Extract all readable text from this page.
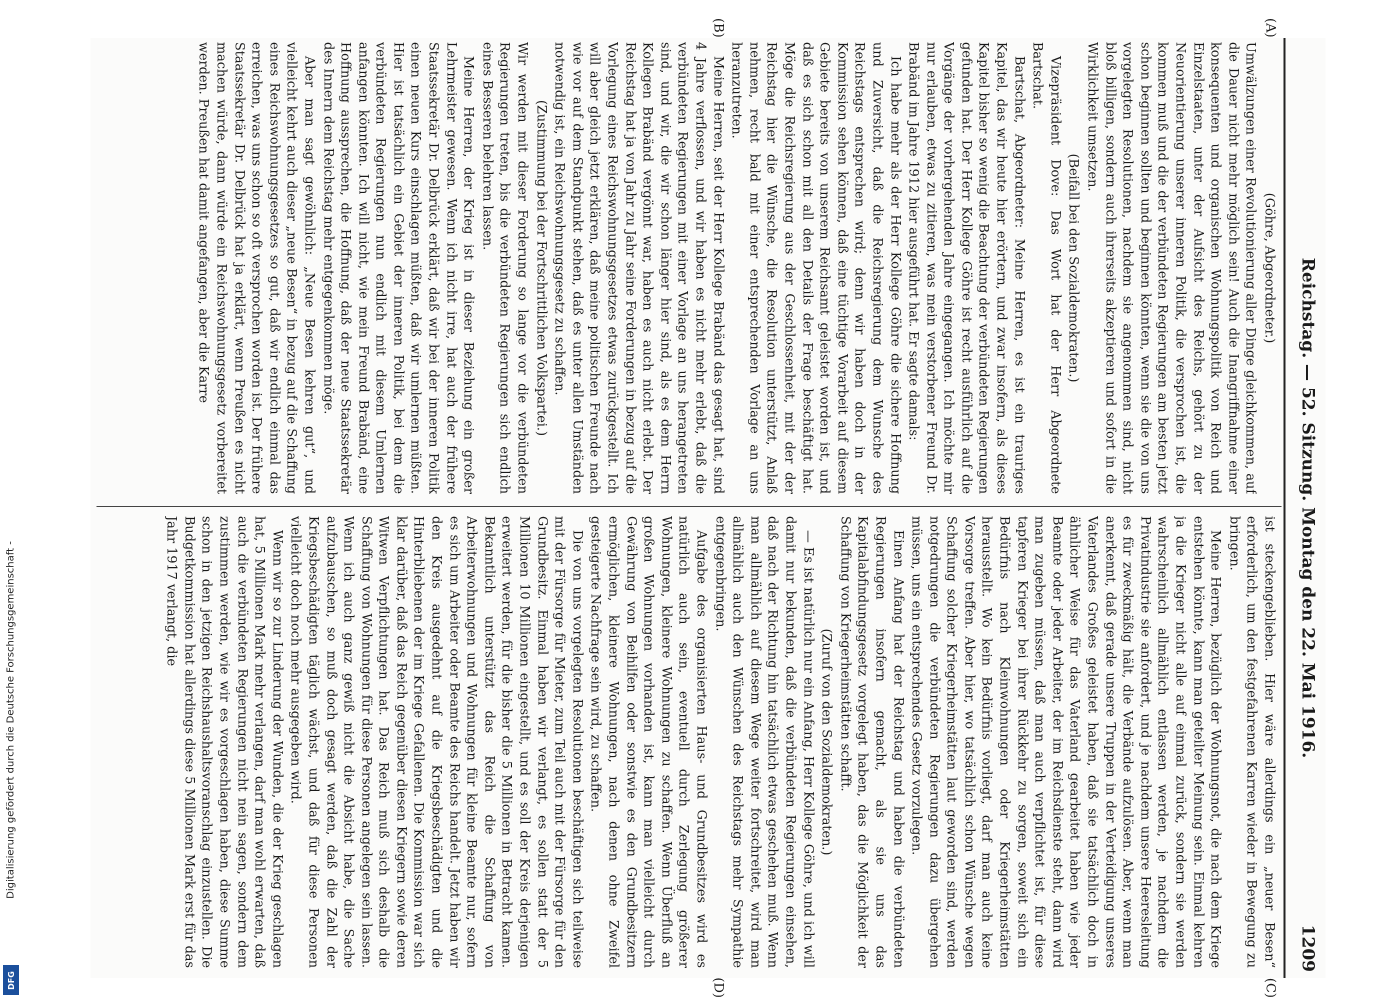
Digitalisierung gefördert durch die Deutsche Forschungsgemeinschaft -
DFG
Reichstag. — 52. Sitzung. Montag den 22. Mai 1916.
1209
(A)
(B)
(C)
(D)

(Göhre, Abgeordneter.)

Umwälzungen einer Revolutionierung aller Dinge gleichkommen, auf die Dauer nicht mehr möglich sein! Auch die Inangriffnahme einer konsequenten und organischen Wohnungspolitik von Reich und Einzelstaaten, unter der Aufsicht des Reichs, gehört zu der Neuorientierung unserer inneren Politik, die versprochen ist, die kommen muß und die der verbündeten Regierungen am besten jetzt schon beginnen sollten und beginnen könnten, wenn sie die von uns vorgelegten Resolutionen, nachdem sie angenommen sind, nicht bloß billigen, sondern auch ihrerseits akzeptieren und sofort in die Wirklichkeit umsetzen.

(Beifall bei den Sozialdemokraten.)

Vizepräsident Dove: Das Wort hat der Herr Abgeordnete Bartschat.

Bartschat, Abgeordneter: Meine Herren, es ist ein trauriges Kapitel, das wir heute hier erörtern, und zwar insofern, als dieses Kapitel bisher so wenig die Beachtung der verbündeten Regierungen gefunden hat. Der Herr Kollege Göhre ist recht ausführlich auf die Vorgänge der vorhergehenden Jahre eingegangen. Ich möchte mir nur erlauben, etwas zu zitieren, was mein verstorbener Freund Dr. Brabänd im Jahre 1912 hier ausgeführt hat. Er sagte damals:

Ich habe mehr als der Herr Kollege Göhre die sichere Hoffnung und Zuversicht, daß die Reichsregierung dem Wunsche des Reichstags entsprechen wird; denn wir haben doch in der Kommission sehen können, daß eine tüchtige Vorarbeit auf diesem Gebiete bereits von unserem Reichsamt geleistet worden ist, und daß es sich schon mit all den Details der Frage beschäftigt hat. Möge die Reichsregierung aus der Geschlossenheit, mit der der Reichstag hier die Wünsche, die Resolution unterstützt, Anlaß nehmen, recht bald mit einer entsprechenden Vorlage an uns heranzutreten.

Meine Herren, seit der Herr Kollege Brabänd das gesagt hat, sind 4 Jahre verflossen, und wir haben es nicht mehr erlebt, daß die verbündeten Regierungen mit einer Vorlage an uns herangetreten sind, und wir, die wir schon länger hier sind, als es dem Herrn Kollegen Brabänd vergönnt war, haben es auch nicht erlebt. Der Reichstag hat ja von Jahr zu Jahr seine Forderungen in bezug auf die Vorlegung eines Reichswohnungsgesetzes etwas zurückgestellt. Ich will aber gleich jetzt erklären, daß meine politischen Freunde nach wie vor auf dem Standpunkt stehen, daß es unter allen Umständen notwendig ist, ein Reichswohnungsgesetz zu schaffen.

(Zustimmung bei der Fortschrittlichen Volkspartei.)

Wir werden mit dieser Forderung so lange vor die verbündeten Regierungen treten, bis die verbündeten Regierungen sich endlich eines Besseren belehren lassen.

Meine Herren, der Krieg ist in dieser Beziehung ein großer Lehrmeister gewesen. Wenn ich nicht irre, hat auch der frühere Staatssekretär Dr. Delbrück erklärt, daß wir bei der inneren Politik einen neuen Kurs einschlagen müßten, daß wir umlernen müßten. Hier ist tatsächlich ein Gebiet der inneren Politik, bei dem die verbündeten Regierungen nun endlich mit diesem Umlernen anfangen könnten. Ich will nicht, wie mein Freund Brabänd, eine Hoffnung aussprechen, die Hoffnung, daß der neue Staatssekretär des Innern dem Reichstag mehr entgegenkommen möge.

Aber man sagt gewöhnlich: „Neue Besen kehren gut“, und vielleicht kehrt auch dieser „neue Besen“ in bezug auf die Schaffung eines Reichswohnungsgesetzes so gut, daß wir endlich einmal das erreichen, was uns schon so oft versprochen worden ist. Der frühere Staatssekretär Dr. Delbrück hat ja erklärt, wenn Preußen es nicht machen würde, dann würde ein Reichswohnungsgesetz vorbereitet werden. Preußen hat damit angefangen, aber die Karre

ist steckengeblieben. Hier wäre allerdings ein „neuer Besen“ erforderlich, um den festgefahrenen Karren wieder in Bewegung zu bringen.

Meine Herren, bezüglich der Wohnungsnot, die nach dem Kriege entstehen könnte, kann man geteilter Meinung sein. Einmal kehren ja die Krieger nicht alle auf einmal zurück, sondern sie werden wahrscheinlich allmählich entlassen werden, je nachdem die Privatindustrie sie anfordert, und je nachdem unsere Heeresleitung es für zweckmäßig hält, die Verbände aufzulösen. Aber, wenn man anerkennt, daß gerade unsere Truppen in der Verteidigung unseres Vaterlandes Großes geleistet haben, daß sie tatsächlich doch in ähnlicher Weise für das Vaterland gearbeitet haben wie jeder Beamte oder jeder Arbeiter, der im Reichsdienste steht, dann wird man zugeben müssen, daß man auch verpflichtet ist, für diese tapferen Krieger bei ihrer Rückkehr zu sorgen, soweit sich ein Bedürfnis nach Kleinwohnungen oder Kriegerheimstätten herausstellt. Wo kein Bedürfnis vorliegt, darf man auch keine Vorsorge treffen. Aber hier, wo tatsächlich schon Wünsche wegen Schaffung solcher Kriegerheimstätten laut geworden sind, werden notgedrungen die verbündeten Regierungen dazu übergehen müssen, uns ein entsprechendes Gesetz vorzulegen.

Einen Anfang hat der Reichstag und haben die verbündeten Regierungen insofern gemacht, als sie uns das Kapitalabfindungsgesetz vorgelegt haben, das die Möglichkeit der Schaffung von Kriegerheimstätten schafft.

(Zuruf von den Sozialdemokraten.)

— Es ist natürlich nur ein Anfang, Herr Kollege Göhre, und ich will damit nur bekunden, daß die verbündeten Regierungen einsehen, daß nach der Richtung hin tatsächlich etwas geschehen muß. Wenn man allmählich auf diesem Wege weiter fortschreitet, wird man allmählich auch den Wünschen des Reichstags mehr Sympathie entgegenbringen.

Aufgabe des organisierten Haus- und Grundbesitzes wird es natürlich auch sein, eventuell durch Zerlegung größerer Wohnungen, kleinere Wohnungen zu schaffen. Wenn Überfluß an großen Wohnungen vorhanden ist, kann man vielleicht durch Gewährung von Beihilfen oder sonstwie es den Grundbesitzern ermöglichen, kleinere Wohnungen, nach denen ohne Zweifel gesteigerte Nachfrage sein wird, zu schaffen.

Die von uns vorgelegten Resolutionen beschäftigen sich teilweise mit der Fürsorge für Mieter, zum Teil auch mit der Fürsorge für den Grundbesitz. Einmal haben wir verlangt, es sollen statt der 5 Millionen 10 Millionen eingestellt, und es soll der Kreis derjenigen erweitert werden, für die bisher die 5 Millionen in Betracht kamen. Bekanntlich unterstützt das Reich die Schaffung von Arbeiterwohnungen und Wohnungen für kleine Beamte nur, sofern es sich um Arbeiter oder Beamte des Reichs handelt. Jetzt haben wir den Kreis ausgedehnt auf die Kriegsbeschädigten und die Hinterbliebenen der im Kriege Gefallenen. Die Kommission war sich klar darüber, daß das Reich gegenüber diesen Kriegern sowie deren Witwen Verpflichtungen hat. Das Reich muß sich deshalb die Schaffung von Wohnungen für diese Personen angelegen sein lassen. Wenn ich auch ganz gewiß nicht die Absicht habe, die Sache aufzubauschen, so muß doch gesagt werden, daß die Zahl der Kriegsbeschädigten täglich wächst, und daß für diese Personen vielleicht doch noch mehr ausgegeben wird.

Wenn wir so zur Linderung der Wunden, die der Krieg geschlagen hat, 5 Millionen Mark mehr verlangen, darf man wohl erwarten, daß auch die verbündeten Regierungen nicht nein sagen, sondern dem zustimmen werden, wie wir es vorgeschlagen haben, diese Summe schon in den jetzigen Reichshaushaltsvoranschlag einzustellen. Die Budgetkommission hat allerdings diese 5 Millionen Mark erst für das Jahr 1917 verlangt, die
